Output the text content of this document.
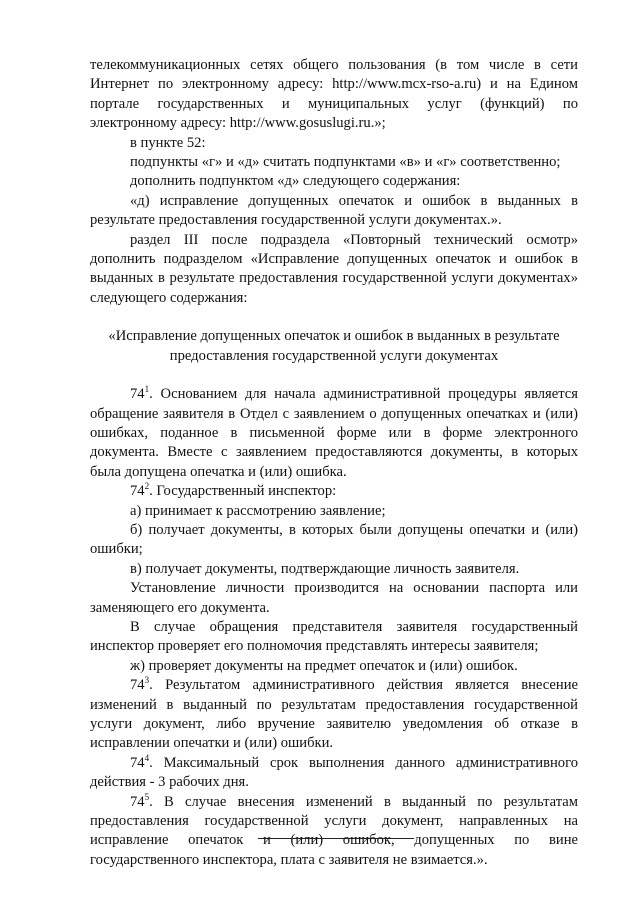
телекоммуникационных сетях общего пользования (в том числе в сети Интернет по электронному адресу: http://www.mcx-rso-a.ru) и на Едином портале государственных и муниципальных услуг (функций) по электронному адресу: http://www.gosuslugi.ru.»;

в пункте 52:

подпункты «г» и «д» считать подпунктами «в» и «г» соответственно;

дополнить подпунктом «д» следующего содержания:

«д) исправление допущенных опечаток и ошибок в выданных в результате предоставления государственной услуги документах.».

раздел III после подраздела «Повторный технический осмотр» дополнить подразделом «Исправление допущенных опечаток и ошибок в выданных в результате предоставления государственной услуги документах» следующего содержания:

«Исправление допущенных опечаток и ошибок в выданных в результате предоставления государственной услуги документах

$74^1$. Основанием для начала административной процедуры является обращение заявителя в Отдел с заявлением о допущенных опечатках и (или) ошибках, поданное в письменной форме или в форме электронного документа. Вместе с заявлением предоставляются документы, в которых была допущена опечатка и (или) ошибка.

$74^2$. Государственный инспектор:

а) принимает к рассмотрению заявление;

б) получает документы, в которых были допущены опечатки и (или) ошибки;

в) получает документы, подтверждающие личность заявителя.

Установление личности производится на основании паспорта или заменяющего его документа.

В случае обращения представителя заявителя государственный инспектор проверяет его полномочия представлять интересы заявителя;

ж) проверяет документы на предмет опечаток и (или) ошибок.

$74^3$. Результатом административного действия является внесение изменений в выданный по результатам предоставления государственной услуги документ, либо вручение заявителю уведомления об отказе в исправлении опечатки и (или) ошибки.

$74^4$. Максимальный срок выполнения данного административного действия - 3 рабочих дня.

$74^5$. В случае внесения изменений в выданный по результатам предоставления государственной услуги документ, направленных на исправление опечаток и (или) ошибок, допущенных по вине государственного инспектора, плата с заявителя не взимается.».
